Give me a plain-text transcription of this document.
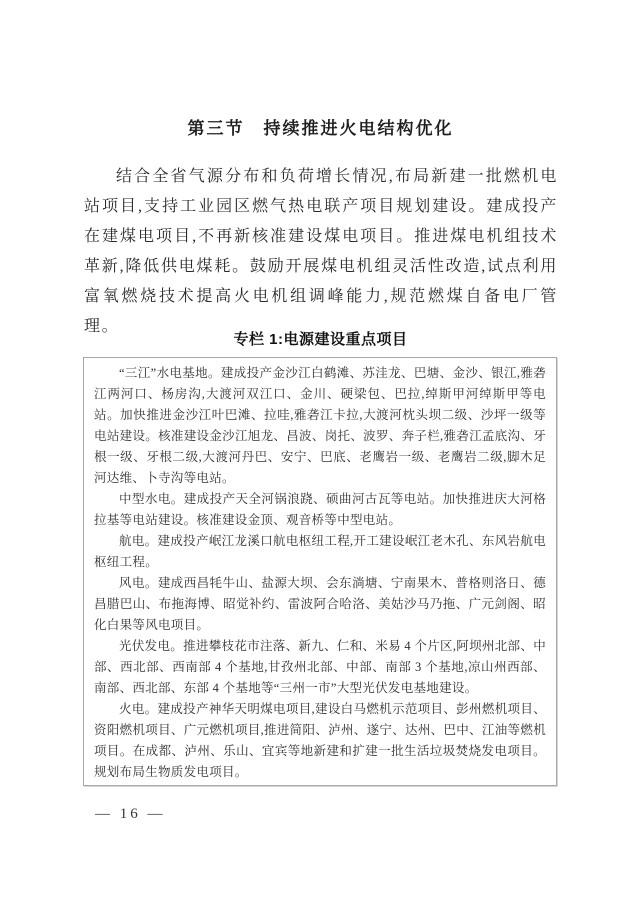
第三节　持续推进火电结构优化
结合全省气源分布和负荷增长情况,布局新建一批燃机电站项目,支持工业园区燃气热电联产项目规划建设。建成投产在建煤电项目,不再新核准建设煤电项目。推进煤电机组技术革新,降低供电煤耗。鼓励开展煤电机组灵活性改造,试点利用富氧燃烧技术提高火电机组调峰能力,规范燃煤自备电厂管理。
专栏 1:电源建设重点项目

“三江”水电基地。建成投产金沙江白鹤滩、苏洼龙、巴塘、金沙、银江,雅砻江两河口、杨房沟,大渡河双江口、金川、硬梁包、巴拉,绰斯甲河绰斯甲等电站。加快推进金沙江叶巴滩、拉哇,雅砻江卡拉,大渡河枕头坝二级、沙坪一级等电站建设。核准建设金沙江旭龙、昌波、岗托、波罗、奔子栏,雅砻江孟底沟、牙根一级、牙根二级,大渡河丹巴、安宁、巴底、老鹰岩一级、老鹰岩二级,脚木足河达维、卜寺沟等电站。

中型水电。建成投产天全河锅浪跷、硕曲河古瓦等电站。加快推进庆大河格拉基等电站建设。核准建设金顶、观音桥等中型电站。

航电。建成投产岷江龙溪口航电枢纽工程,开工建设岷江老木孔、东风岩航电枢纽工程。

风电。建成西昌牦牛山、盐源大坝、会东淌塘、宁南果木、普格则洛日、德昌腊巴山、布拖海博、昭觉补约、雷波阿合哈洛、美姑沙马乃拖、广元剑阁、昭化白果等风电项目。

光伏发电。推进攀枝花市注落、新九、仁和、米易 4 个片区,阿坝州北部、中部、西北部、西南部 4 个基地,甘孜州北部、中部、南部 3 个基地,凉山州西部、南部、西北部、东部 4 个基地等“三州一市”大型光伏发电基地建设。

火电。建成投产神华天明煤电项目,建设白马燃机示范项目、彭州燃机项目、资阳燃机项目、广元燃机项目,推进简阳、泸州、遂宁、达州、巴中、江油等燃机项目。在成都、泸州、乐山、宜宾等地新建和扩建一批生活垃圾焚烧发电项目。规划布局生物质发电项目。

— 16 —
